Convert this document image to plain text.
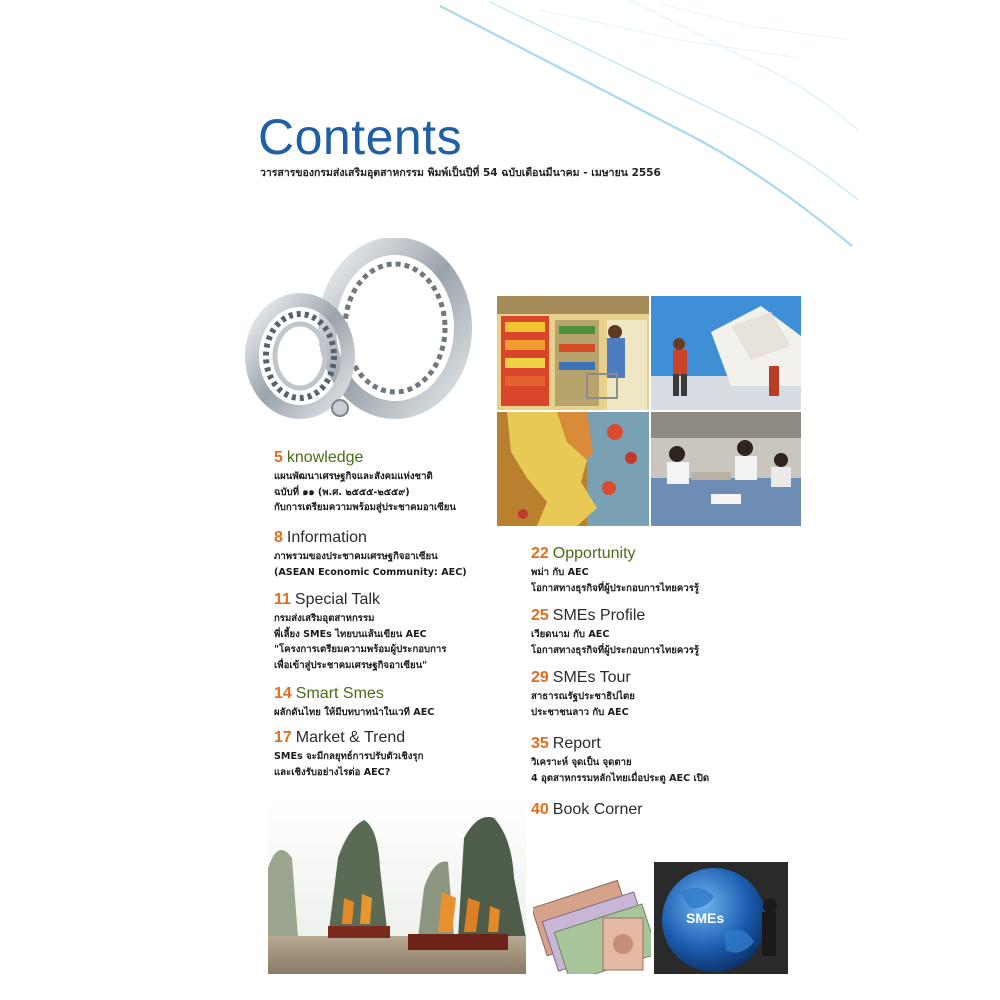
Contents
วารสารของกรมส่งเสริมอุตสาหกรรม พิมพ์เป็นปีที่ 54 ฉบับเดือนมีนาคม - เมษายน 2556
SMEs
5 knowledge
แผนพัฒนาเศรษฐกิจและสังคมแห่งชาติ
ฉบับที่ ๑๑ (พ.ศ. ๒๕๕๕-๒๕๕๙)
กับการเตรียมความพร้อมสู่ประชาคมอาเซียน
8 Information
ภาพรวมของประชาคมเศรษฐกิจอาเซียน
(ASEAN Economic Community: AEC)
11 Special Talk
กรมส่งเสริมอุตสาหกรรม
พี่เลี้ยง SMEs ไทยบนเส้นเขียน AEC
"โครงการเตรียมความพร้อมผู้ประกอบการ
เพื่อเข้าสู่ประชาคมเศรษฐกิจอาเซียน"
14 Smart Smes
ผลักดันไทย ให้มีบทบาทนำในเวที AEC
17 Market & Trend
SMEs จะมีกลยุทธ์การปรับตัวเชิงรุก
และเชิงรับอย่างไรต่อ AEC?
22 Opportunity
พม่า กับ AEC
โอกาสทางธุรกิจที่ผู้ประกอบการไทยควรรู้
25 SMEs Profile
เวียดนาม กับ AEC
โอกาสทางธุรกิจที่ผู้ประกอบการไทยควรรู้
29 SMEs Tour
สาธารณรัฐประชาธิปไตย
ประชาชนลาว กับ AEC
35 Report
วิเคราะห์ จุดเป็น จุดตาย
4 อุตสาหกรรมหลักไทยเมื่อประตู AEC เปิด
40 Book Corner
